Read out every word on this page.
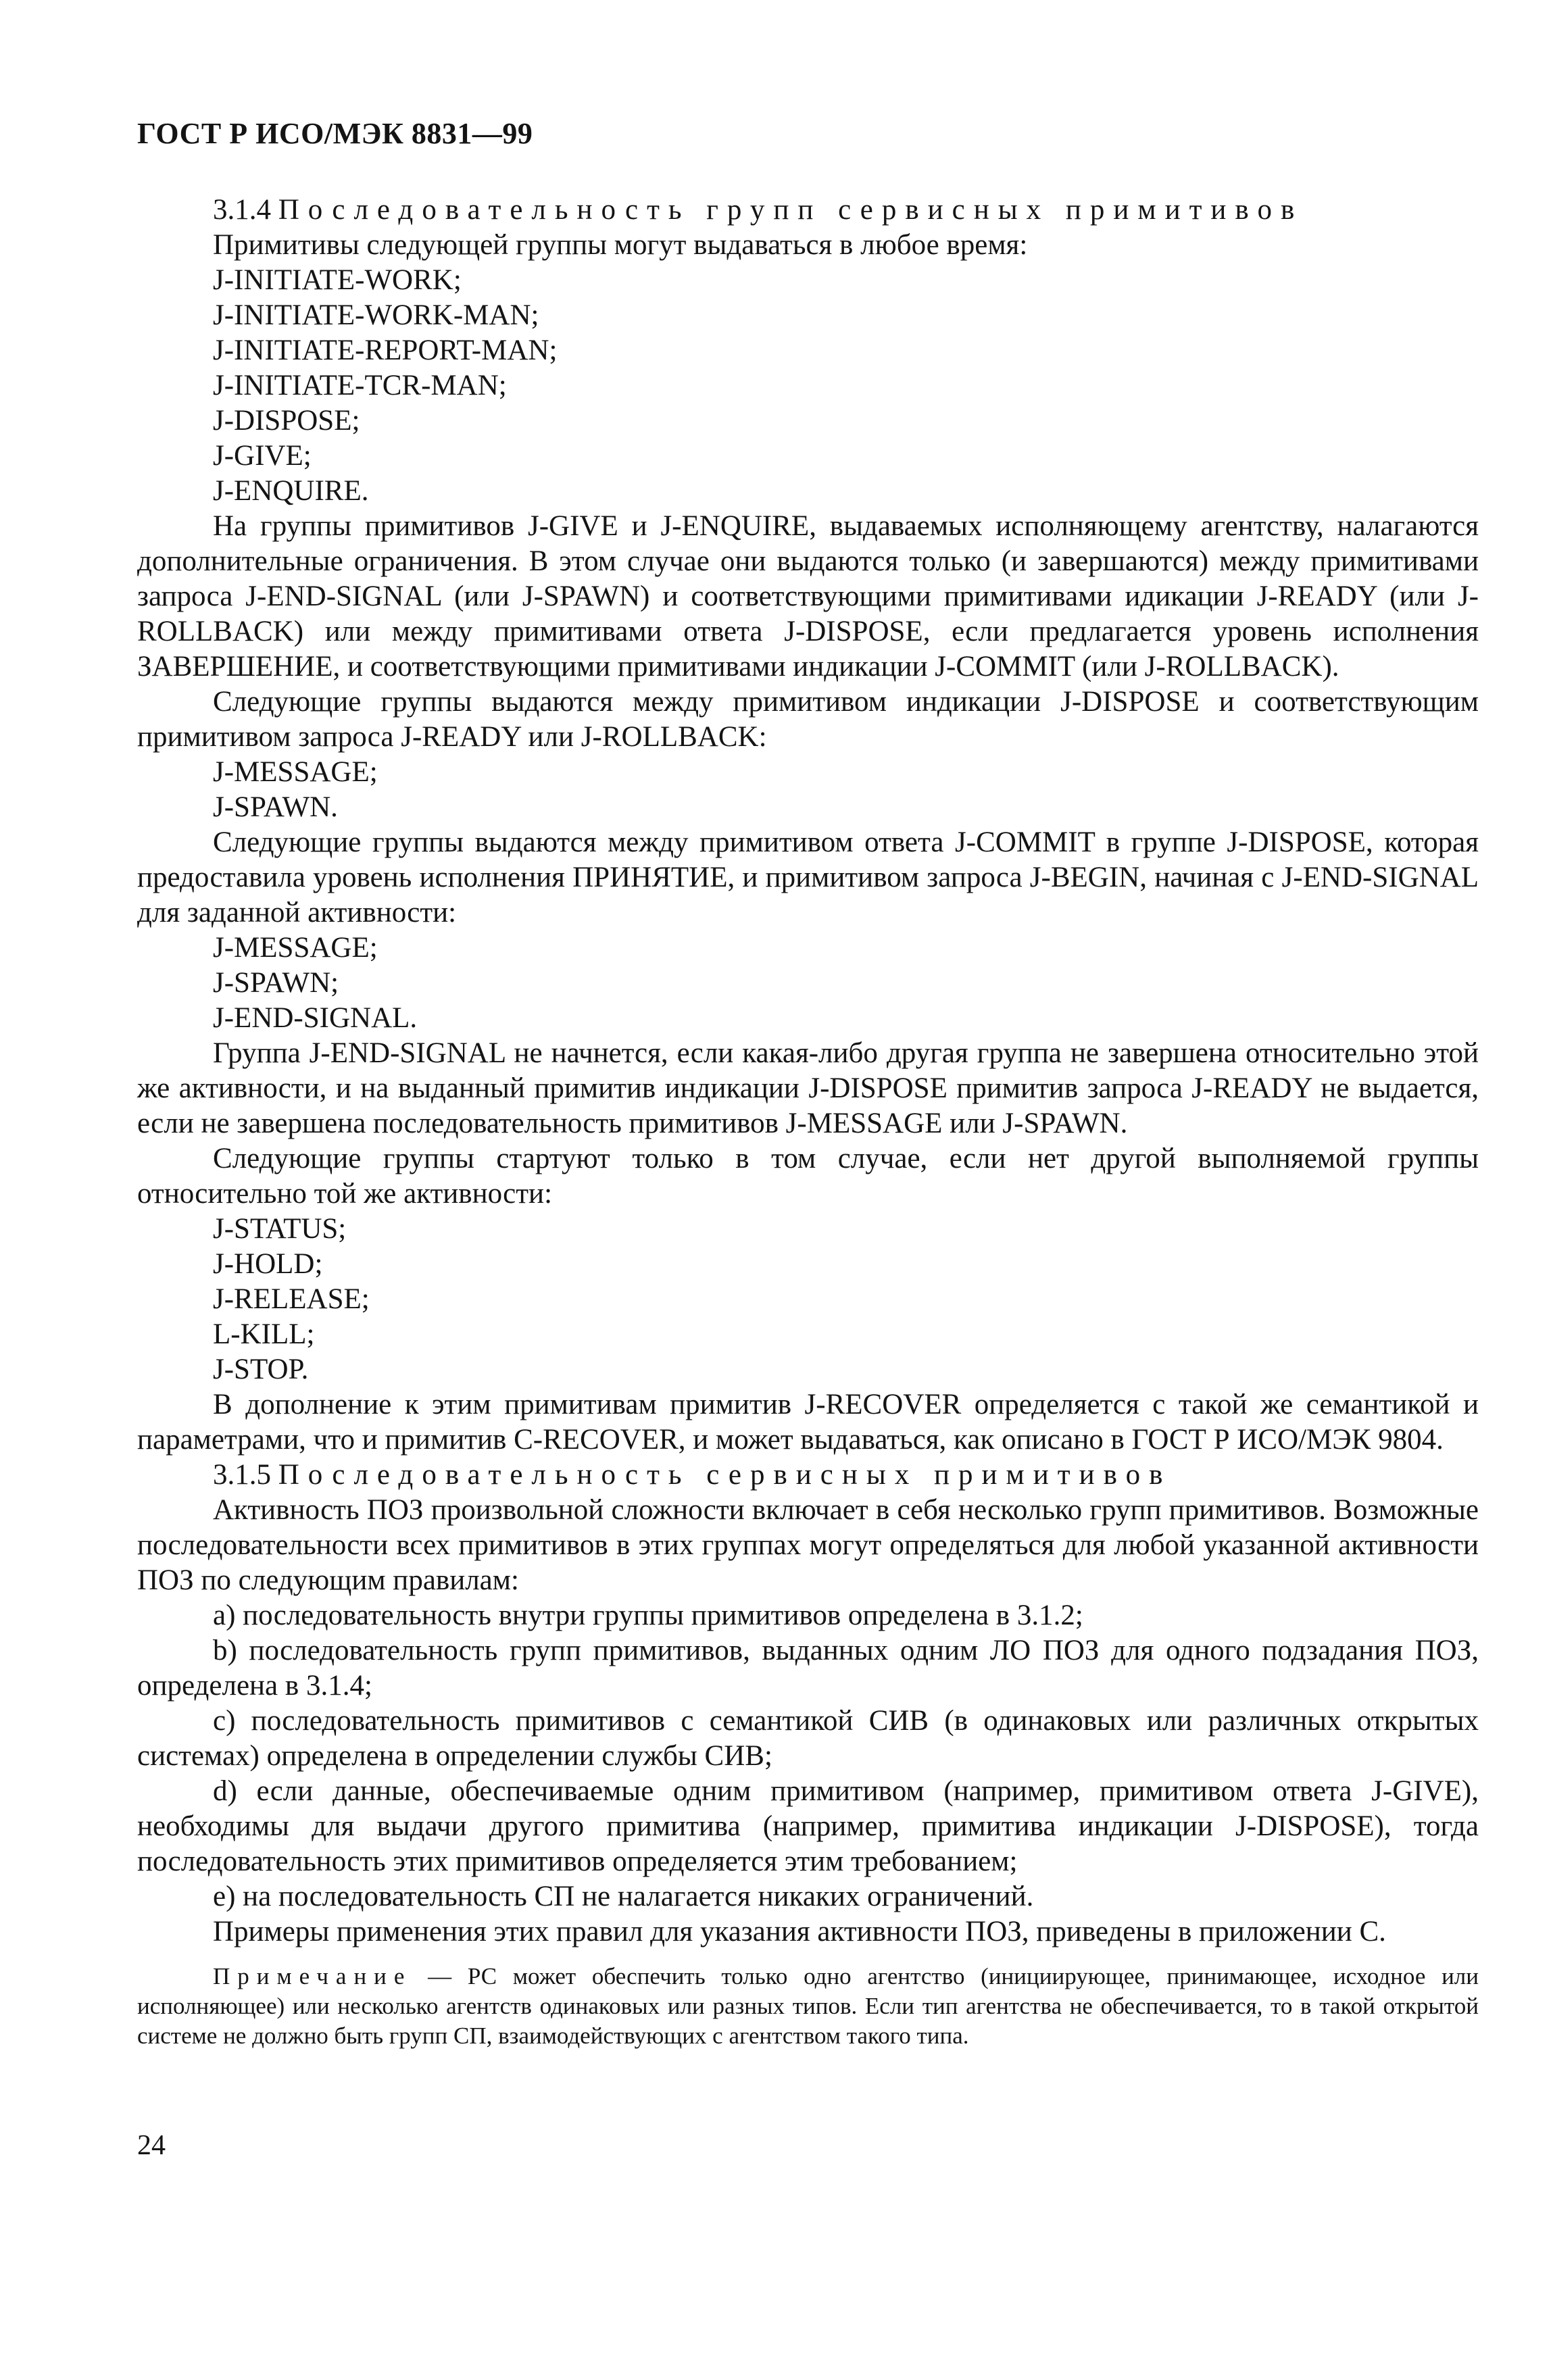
ГОСТ Р ИСО/МЭК 8831—99

3.1.4 Последовательность групп сервисных примитивов

Примитивы следующей группы могут выдаваться в любое время:

J-INITIATE-WORK;

J-INITIATE-WORK-MAN;

J-INITIATE-REPORT-MAN;

J-INITIATE-TCR-MAN;

J-DISPOSE;

J-GIVE;

J-ENQUIRE.

На группы примитивов J-GIVE и J-ENQUIRE, выдаваемых исполняющему агентству, налагаются дополнительные ограничения. В этом случае они выдаются только (и завершаются) между примитивами запроса J-END-SIGNAL (или J-SPAWN) и соответствующими примитивами идикации J-READY (или J-ROLLBACK) или между примитивами ответа J-DISPOSE, если предлагается уровень исполнения ЗАВЕРШЕНИЕ, и соответствующими примитивами индикации J-COMMIT (или J-ROLLBACK).

Следующие группы выдаются между примитивом индикации J-DISPOSE и соответствующим примитивом запроса J-READY или J-ROLLBACK:

J-MESSAGE;

J-SPAWN.

Следующие группы выдаются между примитивом ответа J-COMMIT в группе J-DISPOSE, которая предоставила уровень исполнения ПРИНЯТИЕ, и примитивом запроса J-BEGIN, начиная с J-END-SIGNAL для заданной активности:

J-MESSAGE;

J-SPAWN;

J-END-SIGNAL.

Группа J-END-SIGNAL не начнется, если какая-либо другая группа не завершена относительно этой же активности, и на выданный примитив индикации J-DISPOSE примитив запроса J-READY не выдается, если не завершена последовательность примитивов J-MESSAGE или J-SPAWN.

Следующие группы стартуют только в том случае, если нет другой выполняемой группы относительно той же активности:

J-STATUS;

J-HOLD;

J-RELEASE;

L-KILL;

J-STOP.

В дополнение к этим примитивам примитив J-RECOVER определяется с такой же семантикой и параметрами, что и примитив C-RECOVER, и может выдаваться, как описано в ГОСТ Р ИСО/МЭК 9804.

3.1.5 Последовательность сервисных примитивов

Активность ПОЗ произвольной сложности включает в себя несколько групп примитивов. Возможные последовательности всех примитивов в этих группах могут определяться для любой указанной активности ПОЗ по следующим правилам:

a) последовательность внутри группы примитивов определена в 3.1.2;

b) последовательность групп примитивов, выданных одним ЛО ПОЗ для одного подзадания ПОЗ, определена в 3.1.4;

c) последовательность примитивов с семантикой СИВ (в одинаковых или различных открытых системах) определена в определении службы СИВ;

d) если данные, обеспечиваемые одним примитивом (например, примитивом ответа J-GIVE), необходимы для выдачи другого примитива (например, примитива индикации J-DISPOSE), тогда последовательность этих примитивов определяется этим требованием;

e) на последовательность СП не налагается никаких ограничений.

Примеры применения этих правил для указания активности ПОЗ, приведены в приложении С.

Примечание — РС может обеспечить только одно агентство (инициирующее, принимающее, исходное или исполняющее) или несколько агентств одинаковых или разных типов. Если тип агентства не обеспечивается, то в такой открытой системе не должно быть групп СП, взаимодействующих с агентством такого типа.

24
